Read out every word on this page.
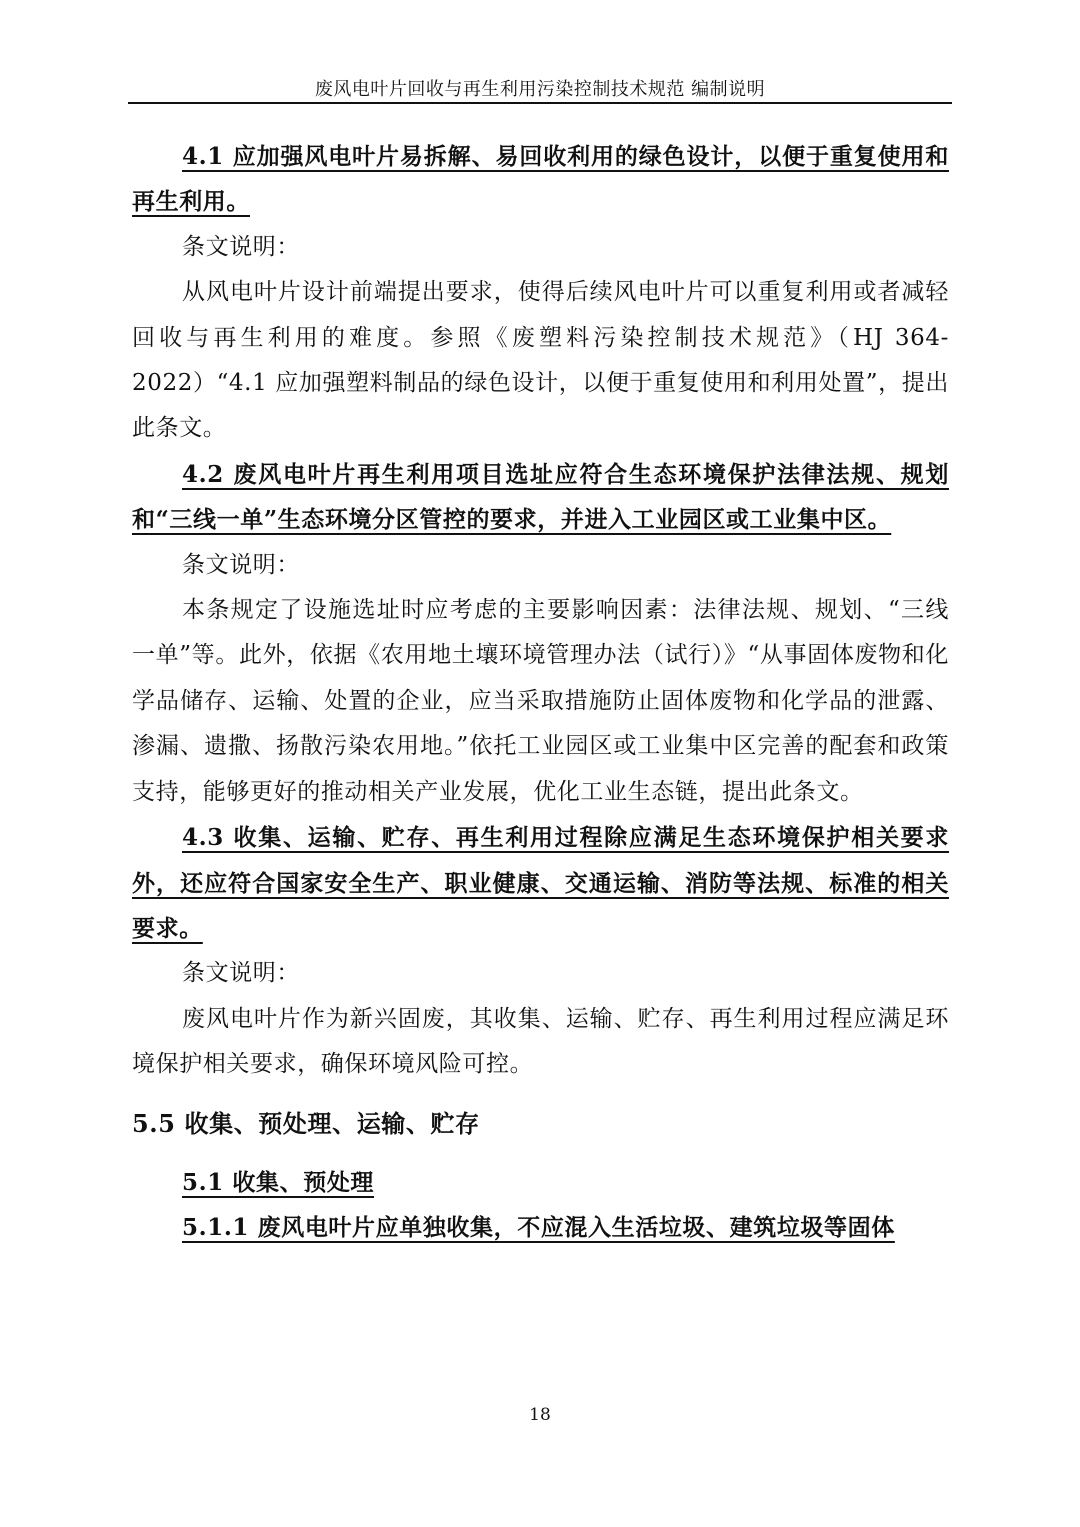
废风电叶片回收与再生利用污染控制技术规范 编制说明

4.1 应加强风电叶片易拆解、易回收利用的绿色设计，以便于重复使用和再生利用。

条文说明：

从风电叶片设计前端提出要求，使得后续风电叶片可以重复利用或者减轻回收与再生利用的难度。参照《废塑料污染控制技术规范》（HJ 364-2022）“4.1 应加强塑料制品的绿色设计，以便于重复使用和利用处置”，提出此条文。

4.2 废风电叶片再生利用项目选址应符合生态环境保护法律法规、规划和“三线一单”生态环境分区管控的要求，并进入工业园区或工业集中区。

条文说明：

本条规定了设施选址时应考虑的主要影响因素：法律法规、规划、“三线一单”等。此外，依据《农用地土壤环境管理办法（试行）》“从事固体废物和化学品储存、运输、处置的企业，应当采取措施防止固体废物和化学品的泄露、渗漏、遗撒、扬散污染农用地。”依托工业园区或工业集中区完善的配套和政策支持，能够更好的推动相关产业发展，优化工业生态链，提出此条文。

4.3 收集、运输、贮存、再生利用过程除应满足生态环境保护相关要求外，还应符合国家安全生产、职业健康、交通运输、消防等法规、标准的相关要求。

条文说明：

废风电叶片作为新兴固废，其收集、运输、贮存、再生利用过程应满足环境保护相关要求，确保环境风险可控。

5.5 收集、预处理、运输、贮存

5.1 收集、预处理

5.1.1 废风电叶片应单独收集，不应混入生活垃圾、建筑垃圾等固体

18
